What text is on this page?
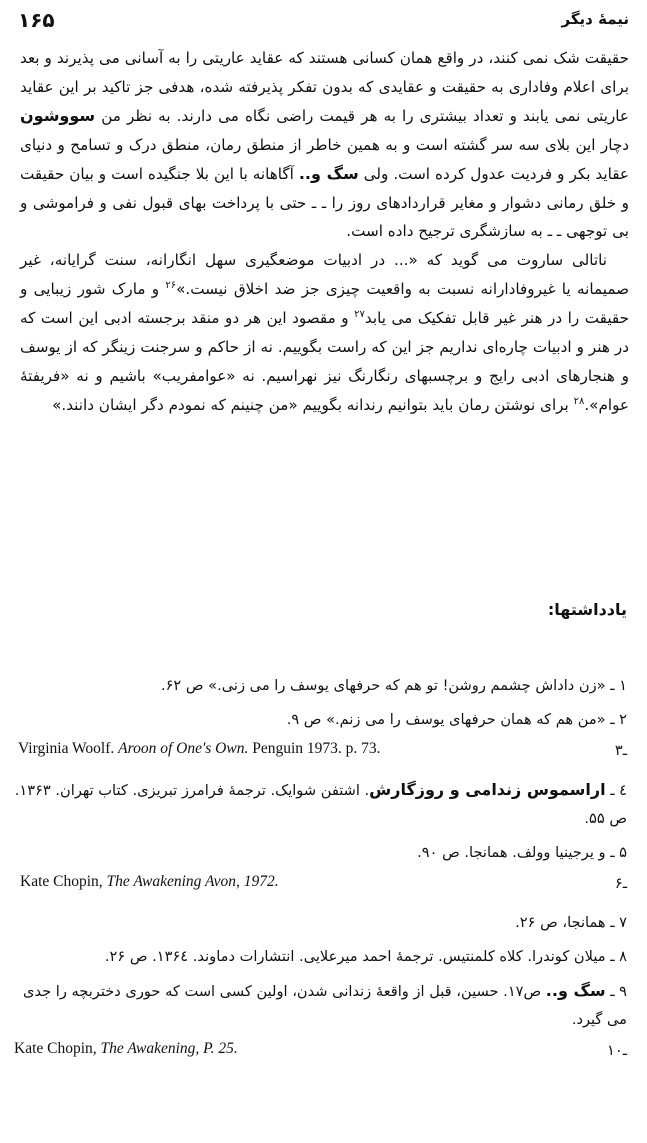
۱۶۵	نیمهٔ دیگر

حقیقت شک نمی کنند، در واقع همان کسانی هستند که عقاید عاریتی را به آسانی می پذیرند و بعد برای اعلام وفاداری به حقیقت و عقایدی که بدون تفکر پذیرفته شده، هدفی جز تاکید بر این عقاید عاریتی نمی یابند و تعداد بیشتری را به هر قیمت راضی نگاه می دارند. به نظر من سووشون دچار این بلای سه سر گشته است و به همین خاطر از منطق رمان، منطق درک و تسامح و دنیای عقاید بکر و فردیت عدول کرده است. ولی سگ و.. آگاهانه با این بلا جنگیده است و بیان حقیقت و خلق رمانی دشوار و مغایر قراردادهای روز را ـ ـ حتی با پرداخت بهای قبول نفی و فراموشی و بی توجهی ـ ـ به سازشگری ترجیح داده است.

ناتالی ساروت می گوید که «... در ادبیات موضعگیری سهل انگارانه، سنت گرایانه، غیر صمیمانه یا غیروفادارانه نسبت به واقعیت چیزی جز ضد اخلاق نیست.»$^{۲۶}$ و مارک شور زیبایی و حقیقت را در هنر غیر قابل تفکیک می یابد$^{۲۷}$ و مقصود این هر دو منقد برجسته ادبی این است که در هنر و ادبیات چاره‌ای نداریم جز این که راست بگوییم. نه از حاکم و سرجنت زینگر که از یوسف و هنجارهای ادبی رایج و برچسبهای رنگارنگ نیز نهراسیم. نه «عوامفریب» باشیم و نه «فریفتهٔ عوام».$^{۲۸}$ برای نوشتن رمان باید بتوانیم رندانه بگوییم «من چنینم که نمودم دگر ایشان دانند.»

یادداشتها:
۱ ـ «زن داداش چشمم روشن! تو هم که حرفهای یوسف را می زنی.» ص ۶۲.
۲ ـ «من هم که همان حرفهای یوسف را می زنم.» ص ۹.
Virginia Woolf. Aroon of One's Own. Penguin 1973. p. 73.	ـ۳
٤ ـ اراسموس زندامی و روزگارش. اشتفن شوایک. ترجمهٔ فرامرز تبریزی. کتاب تهران. ۱۳۶۳. ص ۵۵.
۵ ـ و یرجینیا وولف. همانجا. ص ۹۰.
Kate Chopin, The Awakening Avon, 1972.	ـ۶
۷ ـ همانجا، ص ۲۶.
۸ ـ میلان کوندرا. کلاه کلمنتیس. ترجمهٔ احمد میرعلایی. انتشارات دماوند. ۱۳۶٤. ص ۲۶.
۹ ـ سگ و.. ص۱۷. حسین، قبل از واقعهٔ زندانی شدن، اولین کسی است که حوری دختربچه را جدی می گیرد.
Kate Chopin, The Awakening, P. 25.	ـ۱۰
